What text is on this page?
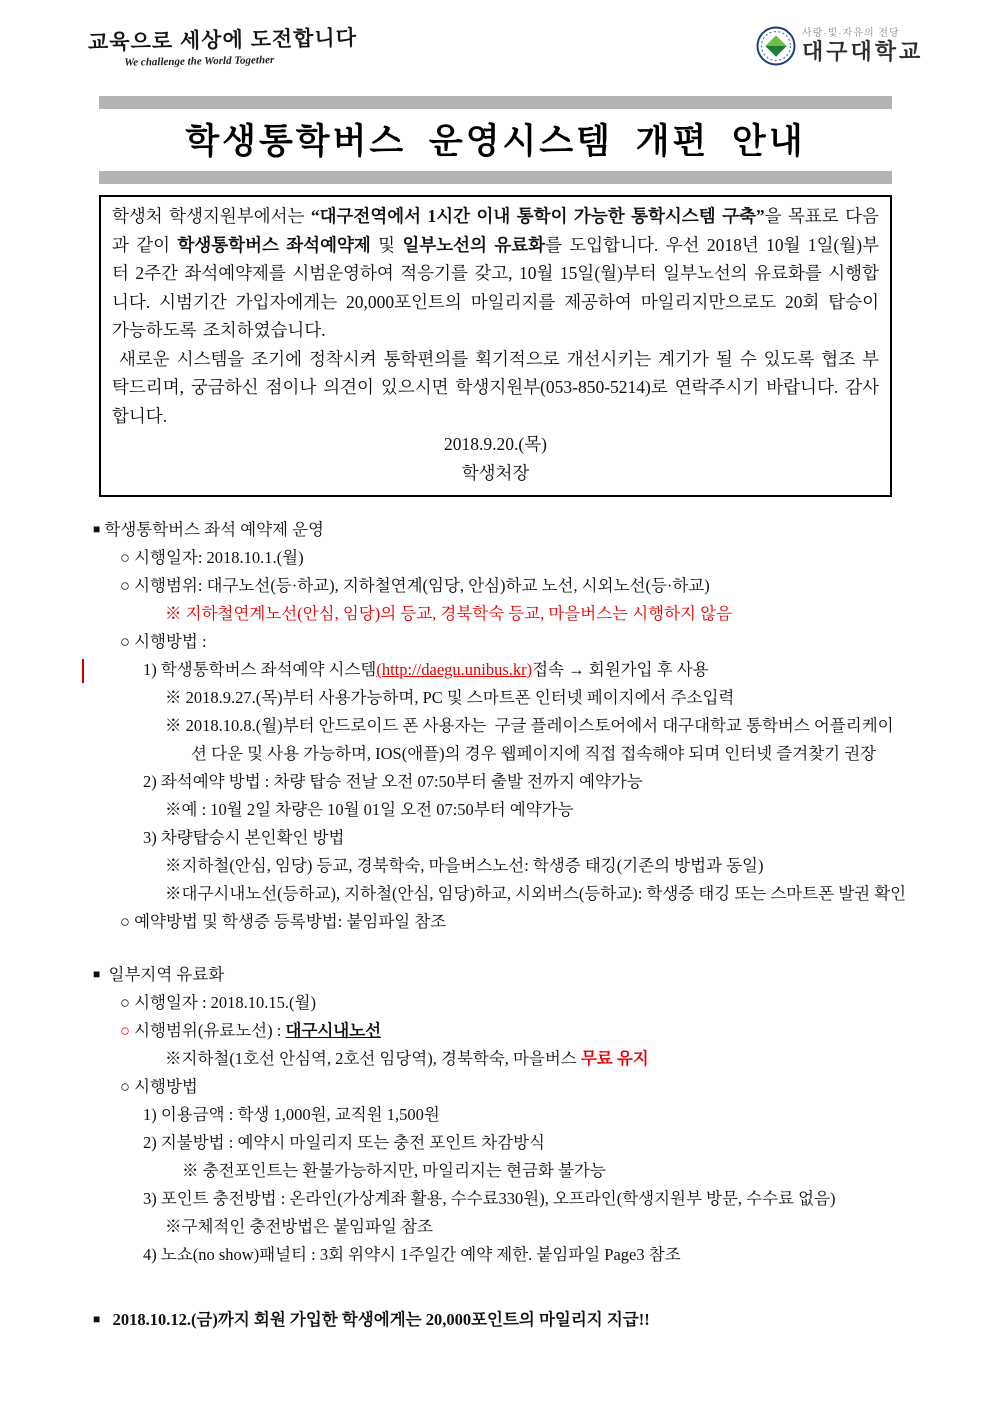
교육으로 세상에 도전합니다
We challenge the World Together
사랑·빛·자유의 전당
대구대학교
학생통학버스 운영시스템 개편 안내

학생처 학생지원부에서는 “대구전역에서 1시간 이내 통학이 가능한 통학시스템 구축”을 목표로 다음과 같이 학생통학버스 좌석예약제 및 일부노선의 유료화를 도입합니다. 우선 2018년 10월 1일(월)부터 2주간 좌석예약제를 시범운영하여 적응기를 갖고, 10월 15일(월)부터 일부노선의 유료화를 시행합니다. 시범기간 가입자에게는 20,000포인트의 마일리지를 제공하여 마일리지만으로도 20회 탑승이 가능하도록 조치하였습니다.

새로운 시스템을 조기에 정착시켜 통학편의를 획기적으로 개선시키는 계기가 될 수 있도록 협조 부탁드리며, 궁금하신 점이나 의견이 있으시면 학생지원부(053-850-5214)로 연락주시기 바랍니다. 감사합니다.

2018.9.20.(목)

학생처장

■ 학생통학버스 좌석 예약제 운영
○ 시행일자: 2018.10.1.(월)
○ 시행범위: 대구노선(등·하교), 지하철연계(임당, 안심)하교 노선, 시외노선(등·하교)
※ 지하철연계노선(안심, 임당)의 등교, 경북학숙 등교, 마을버스는 시행하지 않음
○ 시행방법 :
1) 학생통학버스 좌석예약 시스템(http://daegu.unibus.kr)접속 → 회원가입 후 사용
※ 2018.9.27.(목)부터 사용가능하며, PC 및 스마트폰 인터넷 페이지에서 주소입력
※ 2018.10.8.(월)부터 안드로이드 폰 사용자는  구글 플레이스토어에서 대구대학교 통학버스 어플리케이션 다운 및 사용 가능하며, IOS(애플)의 경우 웹페이지에 직접 접속해야 되며 인터넷 즐겨찾기 권장
2) 좌석예약 방법 : 차량 탑승 전날 오전 07:50부터 출발 전까지 예약가능
※예 : 10월 2일 차량은 10월 01일 오전 07:50부터 예약가능
3) 차량탑승시 본인확인 방법
※지하철(안심, 임당) 등교, 경북학숙, 마을버스노선: 학생증 태깅(기존의 방법과 동일)
※대구시내노선(등하교), 지하철(안심, 임당)하교, 시외버스(등하교): 학생증 태깅 또는 스마트폰 발권 확인
○ 예약방법 및 학생증 등록방법: 붙임파일 참조
■  일부지역 유료화
○ 시행일자 : 2018.10.15.(월)
○ 시행범위(유료노선) : 대구시내노선
※지하철(1호선 안심역, 2호선 임당역), 경북학숙, 마을버스 무료 유지
○ 시행방법
1) 이용금액 : 학생 1,000원, 교직원 1,500원
2) 지불방법 : 예약시 마일리지 또는 충전 포인트 차감방식
※ 충전포인트는 환불가능하지만, 마일리지는 현금화 불가능
3) 포인트 충전방법 : 온라인(가상계좌 활용, 수수료330원), 오프라인(학생지원부 방문, 수수료 없음)
※구체적인 충전방법은 붙임파일 참조
4) 노쇼(no show)패널티 : 3회 위약시 1주일간 예약 제한. 붙임파일 Page3 참조
■   2018.10.12.(금)까지 회원 가입한 학생에게는 20,000포인트의 마일리지 지급!!
